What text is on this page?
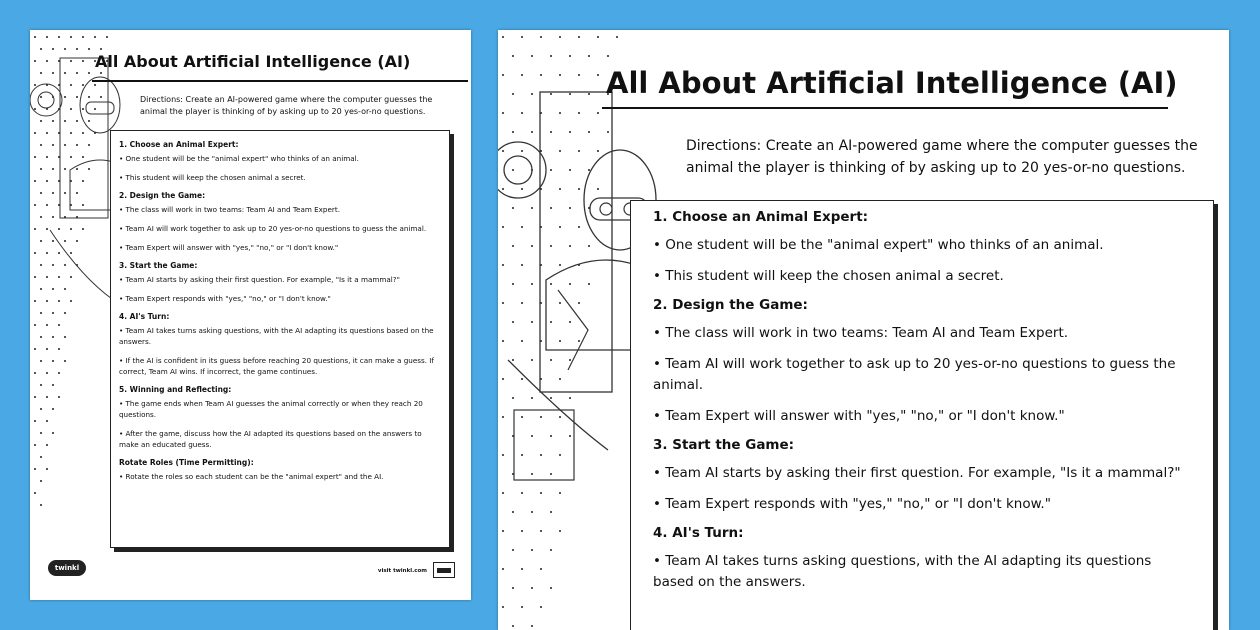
All About Artificial Intelligence (AI)

Directions: Create an AI-powered game where the computer guesses the animal the player is thinking of by asking up to 20 yes-or-no questions.

1. Choose an Animal Expert:

• One student will be the "animal expert" who thinks of an animal.

• This student will keep the chosen animal a secret.

2. Design the Game:

• The class will work in two teams: Team AI and Team Expert.

• Team AI will work together to ask up to 20 yes-or-no questions to guess the animal.

• Team Expert will answer with "yes," "no," or "I don't know."

3. Start the Game:

• Team AI starts by asking their first question. For example, "Is it a mammal?"

• Team Expert responds with "yes," "no," or "I don't know."

4. AI's Turn:

• Team AI takes turns asking questions, with the AI adapting its questions based on the answers.

• If the AI is confident in its guess before reaching 20 questions, it can make a guess. If correct, Team AI wins. If incorrect, the game continues.

5. Winning and Reflecting:

• The game ends when Team AI guesses the animal correctly or when they reach 20 questions.

• After the game, discuss how the AI adapted its questions based on the answers to make an educated guess.

Rotate Roles (Time Permitting):

• Rotate the roles so each student can be the "animal expert" and the AI.

twinkl	visit twinkl.com
All About Artificial Intelligence (AI)

Directions: Create an AI-powered game where the computer guesses the animal the player is thinking of by asking up to 20 yes-or-no questions.

1. Choose an Animal Expert:

• One student will be the "animal expert" who thinks of an animal.

• This student will keep the chosen animal a secret.

2. Design the Game:

• The class will work in two teams: Team AI and Team Expert.

• Team AI will work together to ask up to 20 yes-or-no questions to guess the animal.

• Team Expert will answer with "yes," "no," or "I don't know."

3. Start the Game:

• Team AI starts by asking their first question. For example, "Is it a mammal?"

• Team Expert responds with "yes," "no," or "I don't know."

4. AI's Turn:

• Team AI takes turns asking questions, with the AI adapting its questions based on the answers.
